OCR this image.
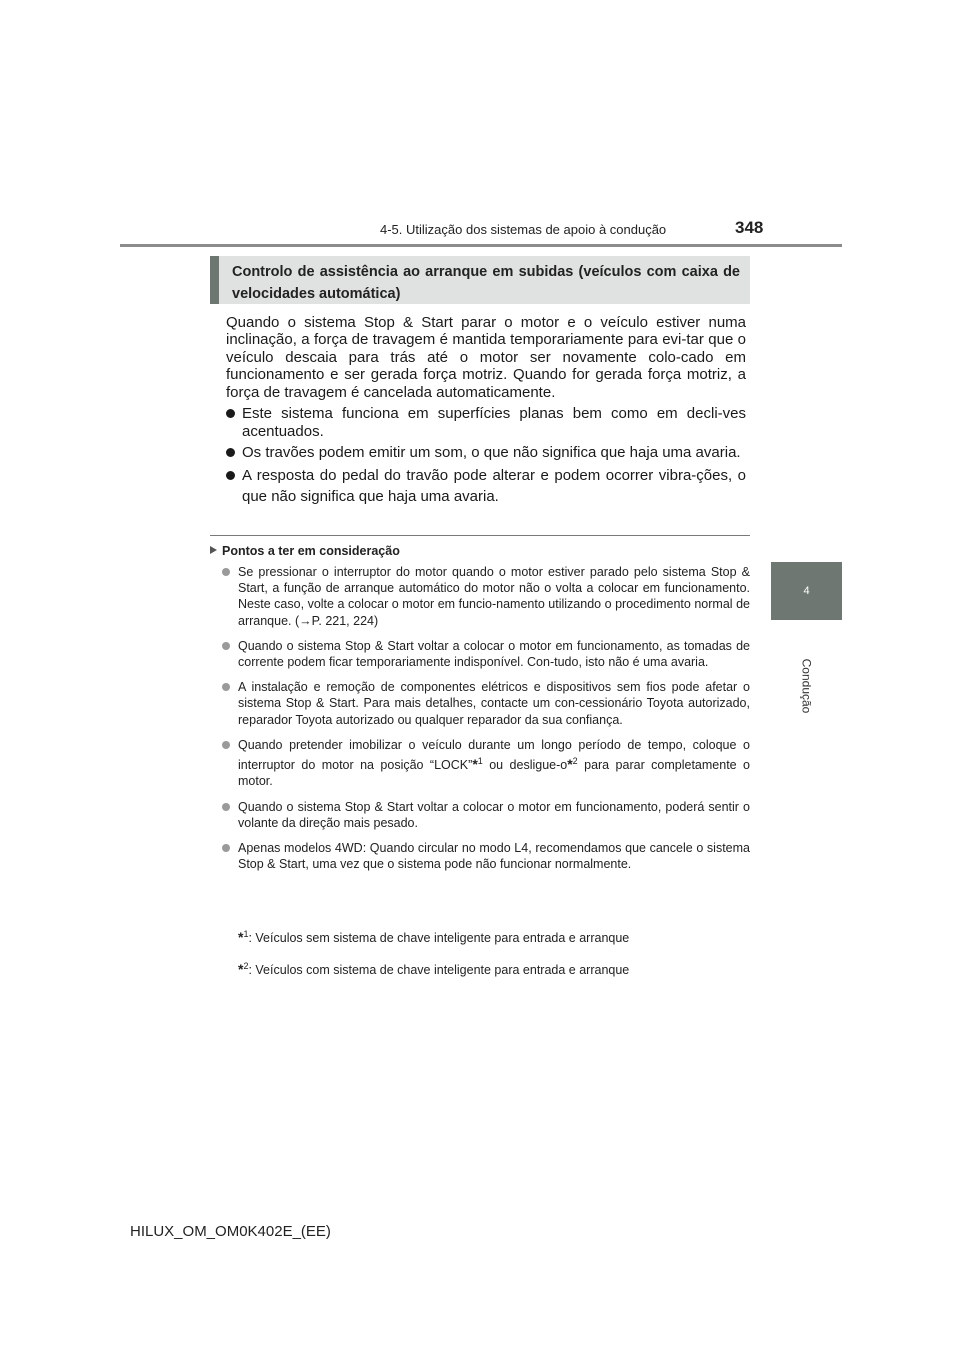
4-5. Utilização dos sistemas de apoio à condução	348
4
Condução
Controlo de assistência ao arranque em subidas (veículos com caixa de velocidades automática)
Quando o sistema Stop & Start parar o motor e o veículo estiver numa inclinação, a força de travagem é mantida temporariamente para evi-tar que o veículo descaia para trás até o motor ser novamente colo-cado em funcionamento e ser gerada força motriz. Quando for gerada força motriz, a força de travagem é cancelada automaticamente.
Este sistema funciona em superfícies planas bem como em decli-ves acentuados.
Os travões podem emitir um som, o que não significa que haja uma avaria.
A resposta do pedal do travão pode alterar e podem ocorrer vibra-ções, o que não significa que haja uma avaria.
Pontos a ter em consideração
Se pressionar o interruptor do motor quando o motor estiver parado pelo sistema Stop & Start, a função de arranque automático do motor não o volta a colocar em funcionamento. Neste caso, volte a colocar o motor em funcio-namento utilizando o procedimento normal de arranque. (→P. 221, 224)
Quando o sistema Stop & Start voltar a colocar o motor em funcionamento, as tomadas de corrente podem ficar temporariamente indisponível. Con-tudo, isto não é uma avaria.
A instalação e remoção de componentes elétricos e dispositivos sem fios pode afetar o sistema Stop & Start. Para mais detalhes, contacte um con-cessionário Toyota autorizado, reparador Toyota autorizado ou qualquer reparador da sua confiança.
Quando pretender imobilizar o veículo durante um longo período de tempo, coloque o interruptor do motor na posição “LOCK”*$^1$ ou desligue-o*$^2$ para parar completamente o motor.
Quando o sistema Stop & Start voltar a colocar o motor em funcionamento, poderá sentir o volante da direção mais pesado.
Apenas modelos 4WD: Quando circular no modo L4, recomendamos que cancele o sistema Stop & Start, uma vez que o sistema pode não funcionar normalmente.
*$^1$: Veículos sem sistema de chave inteligente para entrada e arranque
*$^2$: Veículos com sistema de chave inteligente para entrada e arranque
HILUX_OM_OM0K402E_(EE)
